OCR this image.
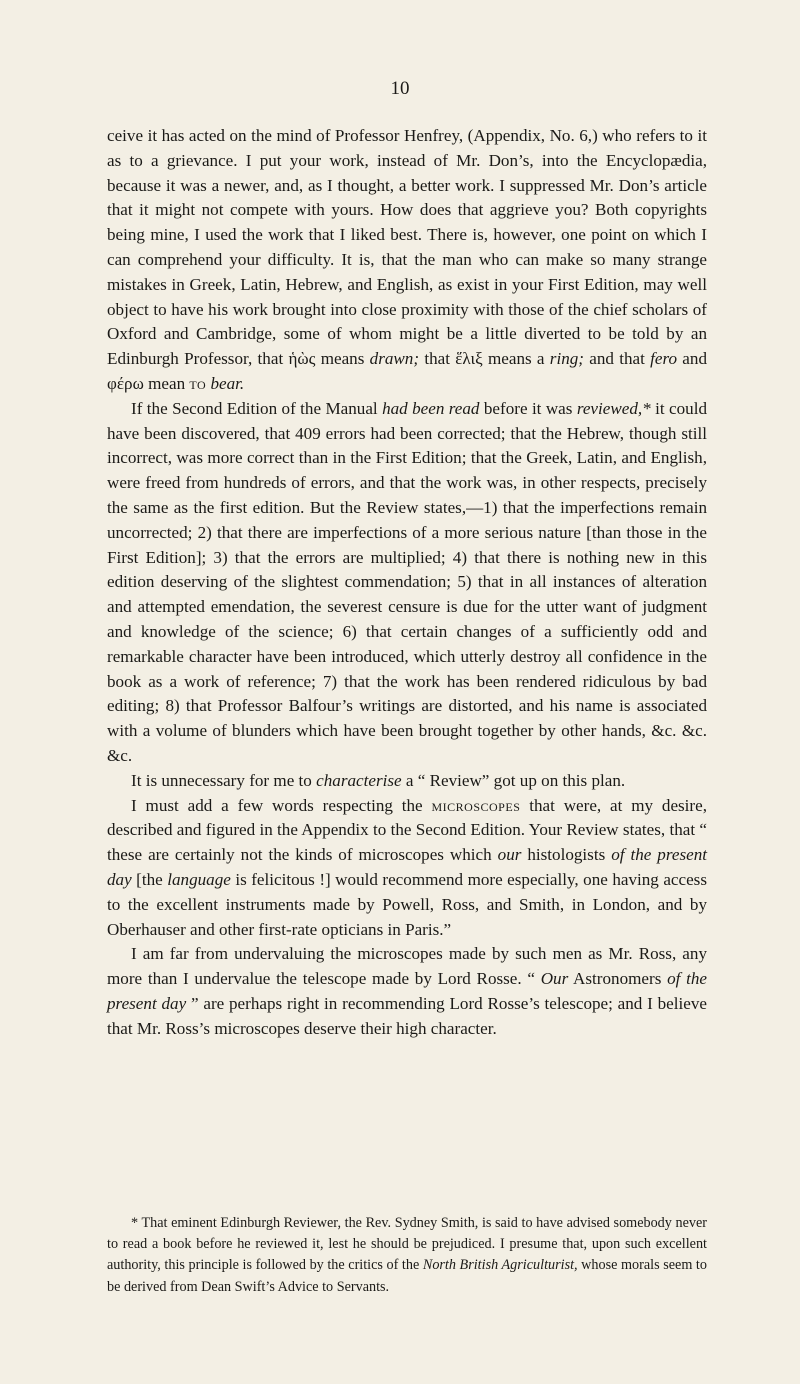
10

ceive it has acted on the mind of Professor Henfrey, (Appendix, No. 6,) who refers to it as to a grievance. I put your work, instead of Mr. Don’s, into the Encyclopædia, because it was a newer, and, as I thought, a better work. I suppressed Mr. Don’s article that it might not compete with yours. How does that aggrieve you? Both copyrights being mine, I used the work that I liked best. There is, however, one point on which I can comprehend your difficulty. It is, that the man who can make so many strange mistakes in Greek, Latin, Hebrew, and English, as exist in your First Edition, may well object to have his work brought into close proximity with those of the chief scholars of Oxford and Cambridge, some of whom might be a little diverted to be told by an Edinburgh Professor, that ἡὼς means drawn; that ἕλιξ means a ring; and that fero and φέρω mean to bear.

If the Second Edition of the Manual had been read before it was reviewed,* it could have been discovered, that 409 errors had been corrected; that the Hebrew, though still incorrect, was more correct than in the First Edition; that the Greek, Latin, and English, were freed from hundreds of errors, and that the work was, in other respects, precisely the same as the first edition. But the Review states,—1) that the imperfections remain uncorrected; 2) that there are imperfections of a more serious nature [than those in the First Edition]; 3) that the errors are multiplied; 4) that there is nothing new in this edition deserving of the slightest commendation; 5) that in all instances of alteration and attempted emendation, the severest censure is due for the utter want of judgment and knowledge of the science; 6) that certain changes of a sufficiently odd and remarkable character have been introduced, which utterly destroy all confidence in the book as a work of reference; 7) that the work has been rendered ridiculous by bad editing; 8) that Professor Balfour’s writings are distorted, and his name is associated with a volume of blunders which have been brought together by other hands, &c. &c. &c.

It is unnecessary for me to characterise a “ Review” got up on this plan.

I must add a few words respecting the microscopes that were, at my desire, described and figured in the Appendix to the Second Edition. Your Review states, that “ these are certainly not the kinds of microscopes which our histologists of the present day [the language is felicitous !] would recommend more especially, one having access to the excellent instruments made by Powell, Ross, and Smith, in London, and by Oberhauser and other first-rate opticians in Paris.”

I am far from undervaluing the microscopes made by such men as Mr. Ross, any more than I undervalue the telescope made by Lord Rosse. “ Our Astronomers of the present day ” are perhaps right in recommending Lord Rosse’s telescope; and I believe that Mr. Ross’s microscopes deserve their high character.

* That eminent Edinburgh Reviewer, the Rev. Sydney Smith, is said to have advised somebody never to read a book before he reviewed it, lest he should be prejudiced. I presume that, upon such excellent authority, this principle is followed by the critics of the North British Agriculturist, whose morals seem to be derived from Dean Swift’s Advice to Servants.
